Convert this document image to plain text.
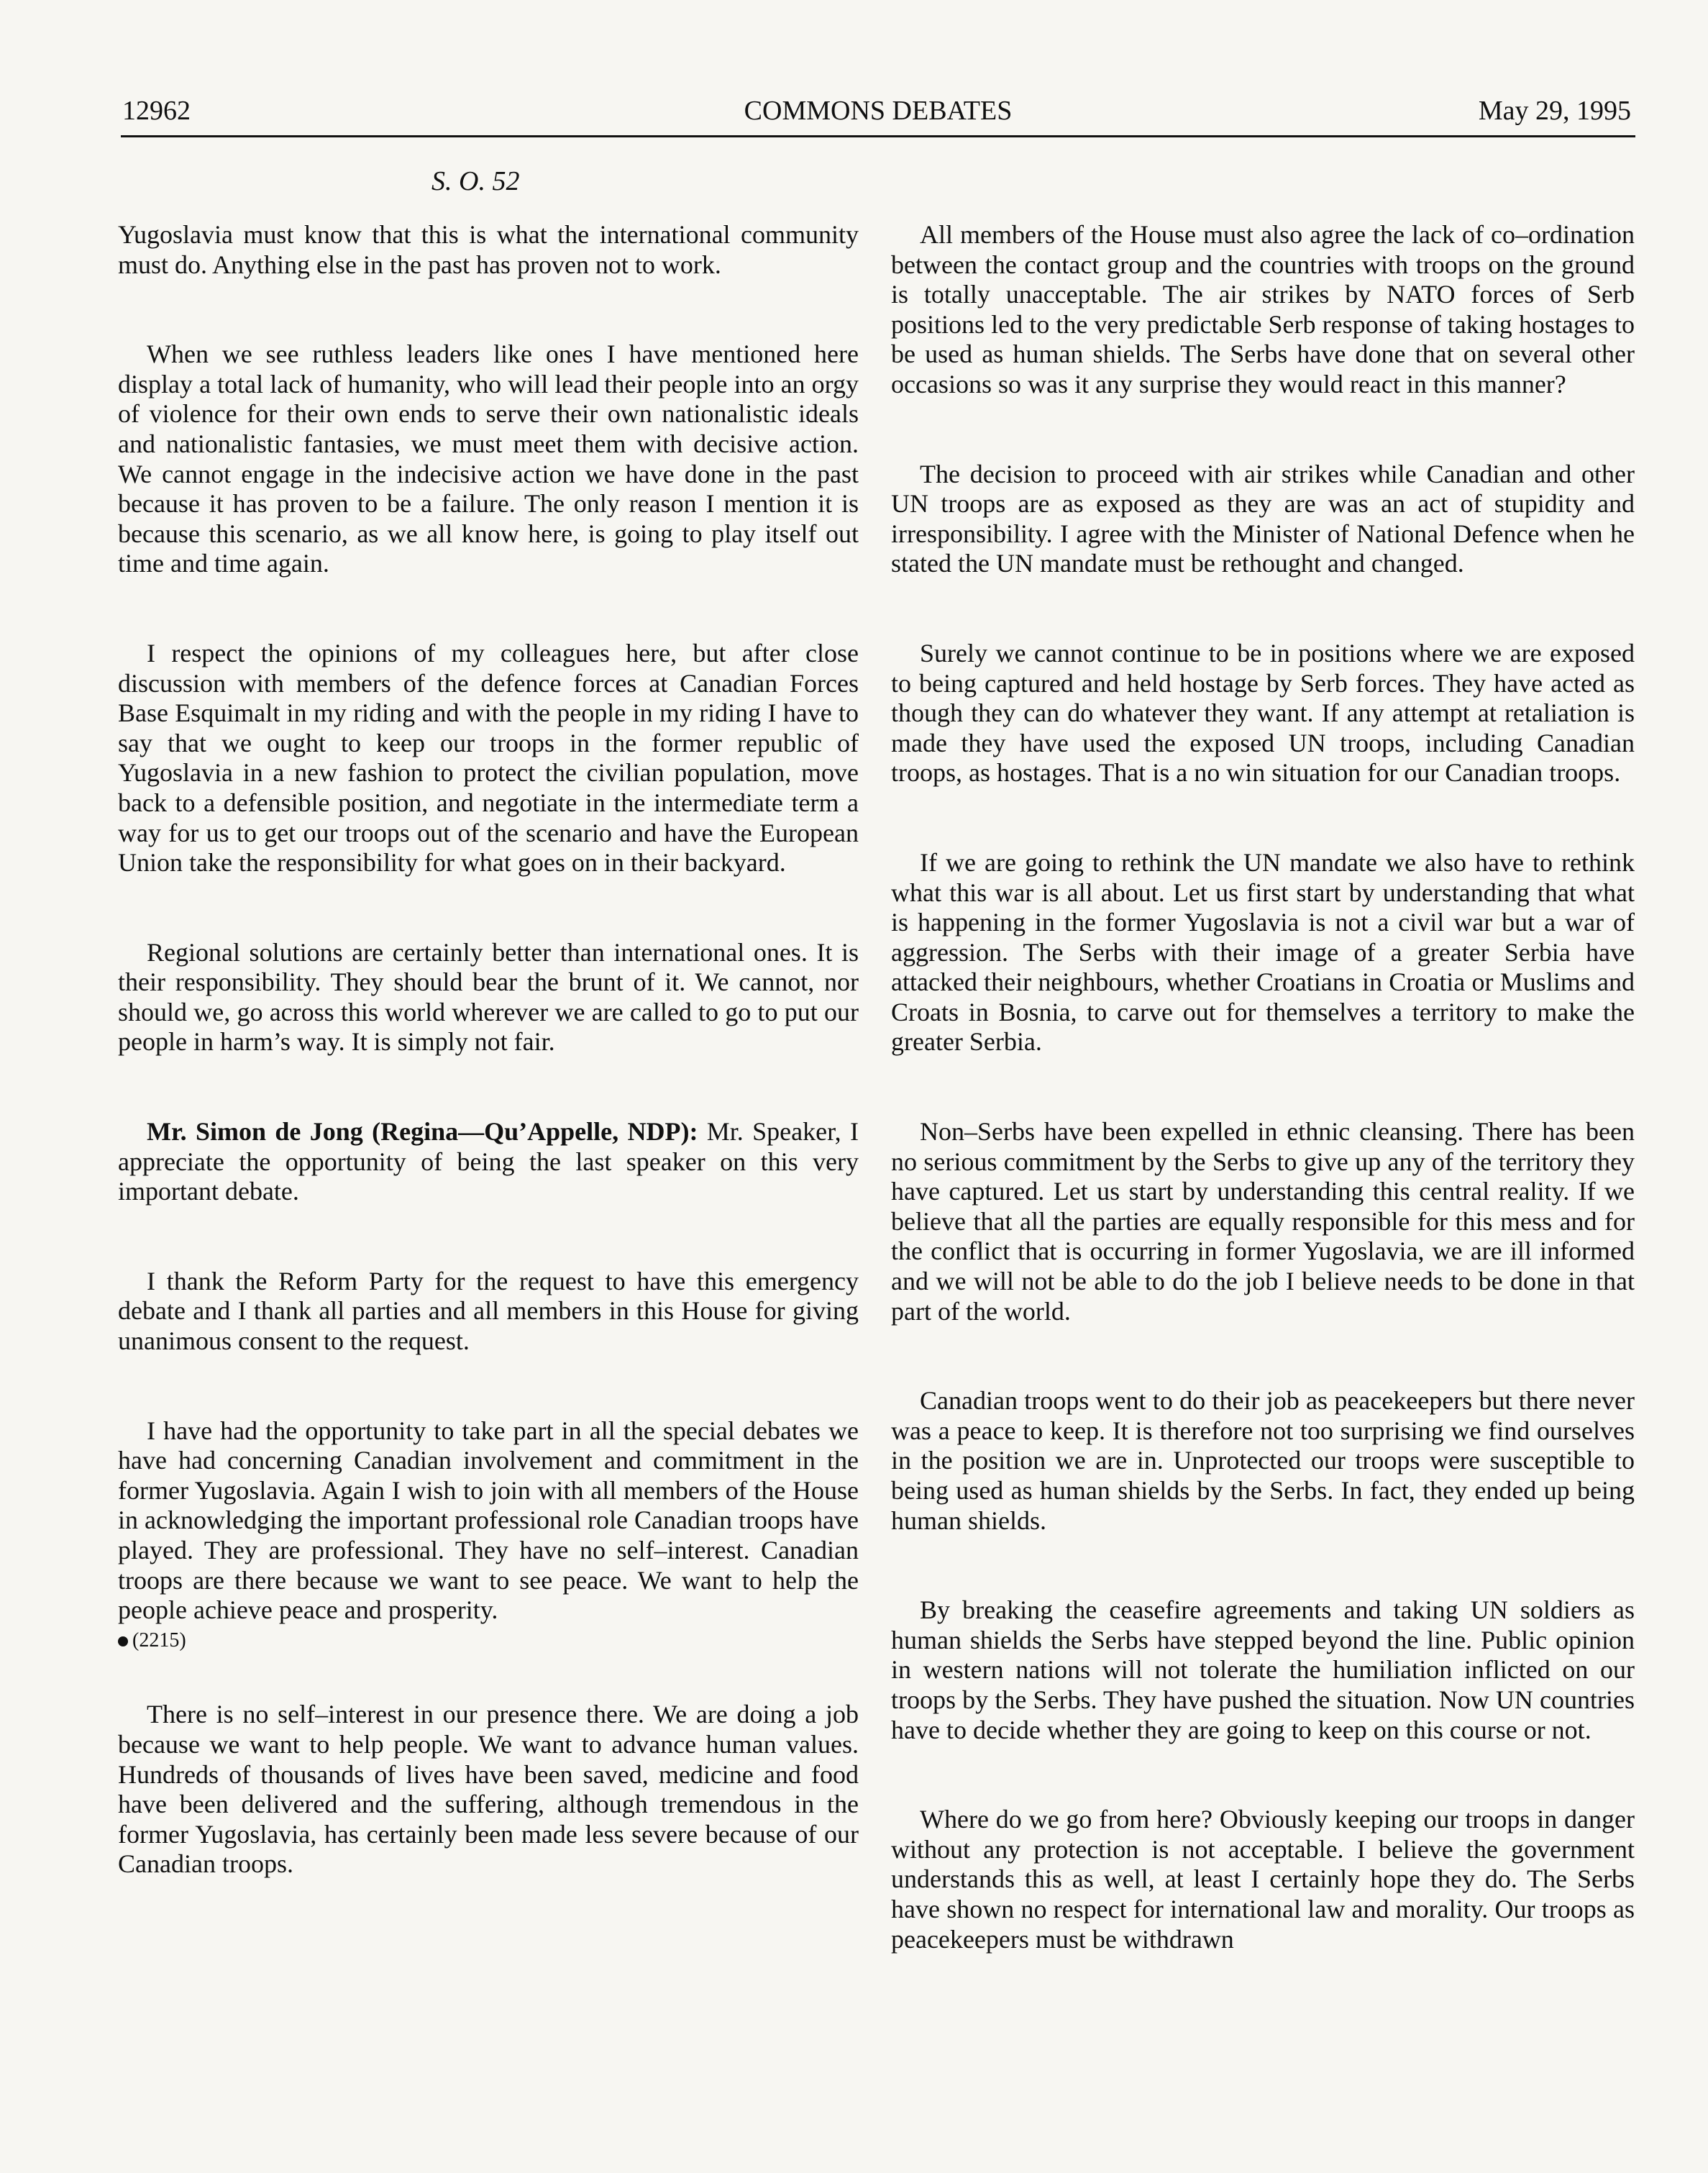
12962	COMMONS DEBATES	May 29, 1995
S. O. 52

Yugoslavia must know that this is what the international community must do. Anything else in the past has proven not to work.

When we see ruthless leaders like ones I have mentioned here display a total lack of humanity, who will lead their people into an orgy of violence for their own ends to serve their own nationalistic ideals and nationalistic fantasies, we must meet them with decisive action. We cannot engage in the indecisive action we have done in the past because it has proven to be a failure. The only reason I mention it is because this scenario, as we all know here, is going to play itself out time and time again.

I respect the opinions of my colleagues here, but after close discussion with members of the defence forces at Canadian Forces Base Esquimalt in my riding and with the people in my riding I have to say that we ought to keep our troops in the former republic of Yugoslavia in a new fashion to protect the civilian population, move back to a defensible position, and negotiate in the intermediate term a way for us to get our troops out of the scenario and have the European Union take the responsibility for what goes on in their backyard.

Regional solutions are certainly better than international ones. It is their responsibility. They should bear the brunt of it. We cannot, nor should we, go across this world wherever we are called to go to put our people in harm’s way. It is simply not fair.

Mr. Simon de Jong (Regina—Qu’Appelle, NDP): Mr. Speaker, I appreciate the opportunity of being the last speaker on this very important debate.

I thank the Reform Party for the request to have this emergency debate and I thank all parties and all members in this House for giving unanimous consent to the request.

I have had the opportunity to take part in all the special debates we have had concerning Canadian involvement and commitment in the former Yugoslavia. Again I wish to join with all members of the House in acknowledging the important professional role Canadian troops have played. They are professional. They have no self–interest. Canadian troops are there because we want to see peace. We want to help the people achieve peace and prosperity.

(2215)

There is no self–interest in our presence there. We are doing a job because we want to help people. We want to advance human values. Hundreds of thousands of lives have been saved, medicine and food have been delivered and the suffering, although tremendous in the former Yugoslavia, has certainly been made less severe because of our Canadian troops.

All members of the House must also agree the lack of co–ordination between the contact group and the countries with troops on the ground is totally unacceptable. The air strikes by NATO forces of Serb positions led to the very predictable Serb response of taking hostages to be used as human shields. The Serbs have done that on several other occasions so was it any surprise they would react in this manner?

The decision to proceed with air strikes while Canadian and other UN troops are as exposed as they are was an act of stupidity and irresponsibility. I agree with the Minister of National Defence when he stated the UN mandate must be rethought and changed.

Surely we cannot continue to be in positions where we are exposed to being captured and held hostage by Serb forces. They have acted as though they can do whatever they want. If any attempt at retaliation is made they have used the exposed UN troops, including Canadian troops, as hostages. That is a no win situation for our Canadian troops.

If we are going to rethink the UN mandate we also have to rethink what this war is all about. Let us first start by understanding that what is happening in the former Yugoslavia is not a civil war but a war of aggression. The Serbs with their image of a greater Serbia have attacked their neighbours, whether Croatians in Croatia or Muslims and Croats in Bosnia, to carve out for themselves a territory to make the greater Serbia.

Non–Serbs have been expelled in ethnic cleansing. There has been no serious commitment by the Serbs to give up any of the territory they have captured. Let us start by understanding this central reality. If we believe that all the parties are equally responsible for this mess and for the conflict that is occurring in former Yugoslavia, we are ill informed and we will not be able to do the job I believe needs to be done in that part of the world.

Canadian troops went to do their job as peacekeepers but there never was a peace to keep. It is therefore not too surprising we find ourselves in the position we are in. Unprotected our troops were susceptible to being used as human shields by the Serbs. In fact, they ended up being human shields.

By breaking the ceasefire agreements and taking UN soldiers as human shields the Serbs have stepped beyond the line. Public opinion in western nations will not tolerate the humiliation inflicted on our troops by the Serbs. They have pushed the situation. Now UN countries have to decide whether they are going to keep on this course or not.

Where do we go from here? Obviously keeping our troops in danger without any protection is not acceptable. I believe the government understands this as well, at least I certainly hope they do. The Serbs have shown no respect for international law and morality. Our troops as peacekeepers must be withdrawn
